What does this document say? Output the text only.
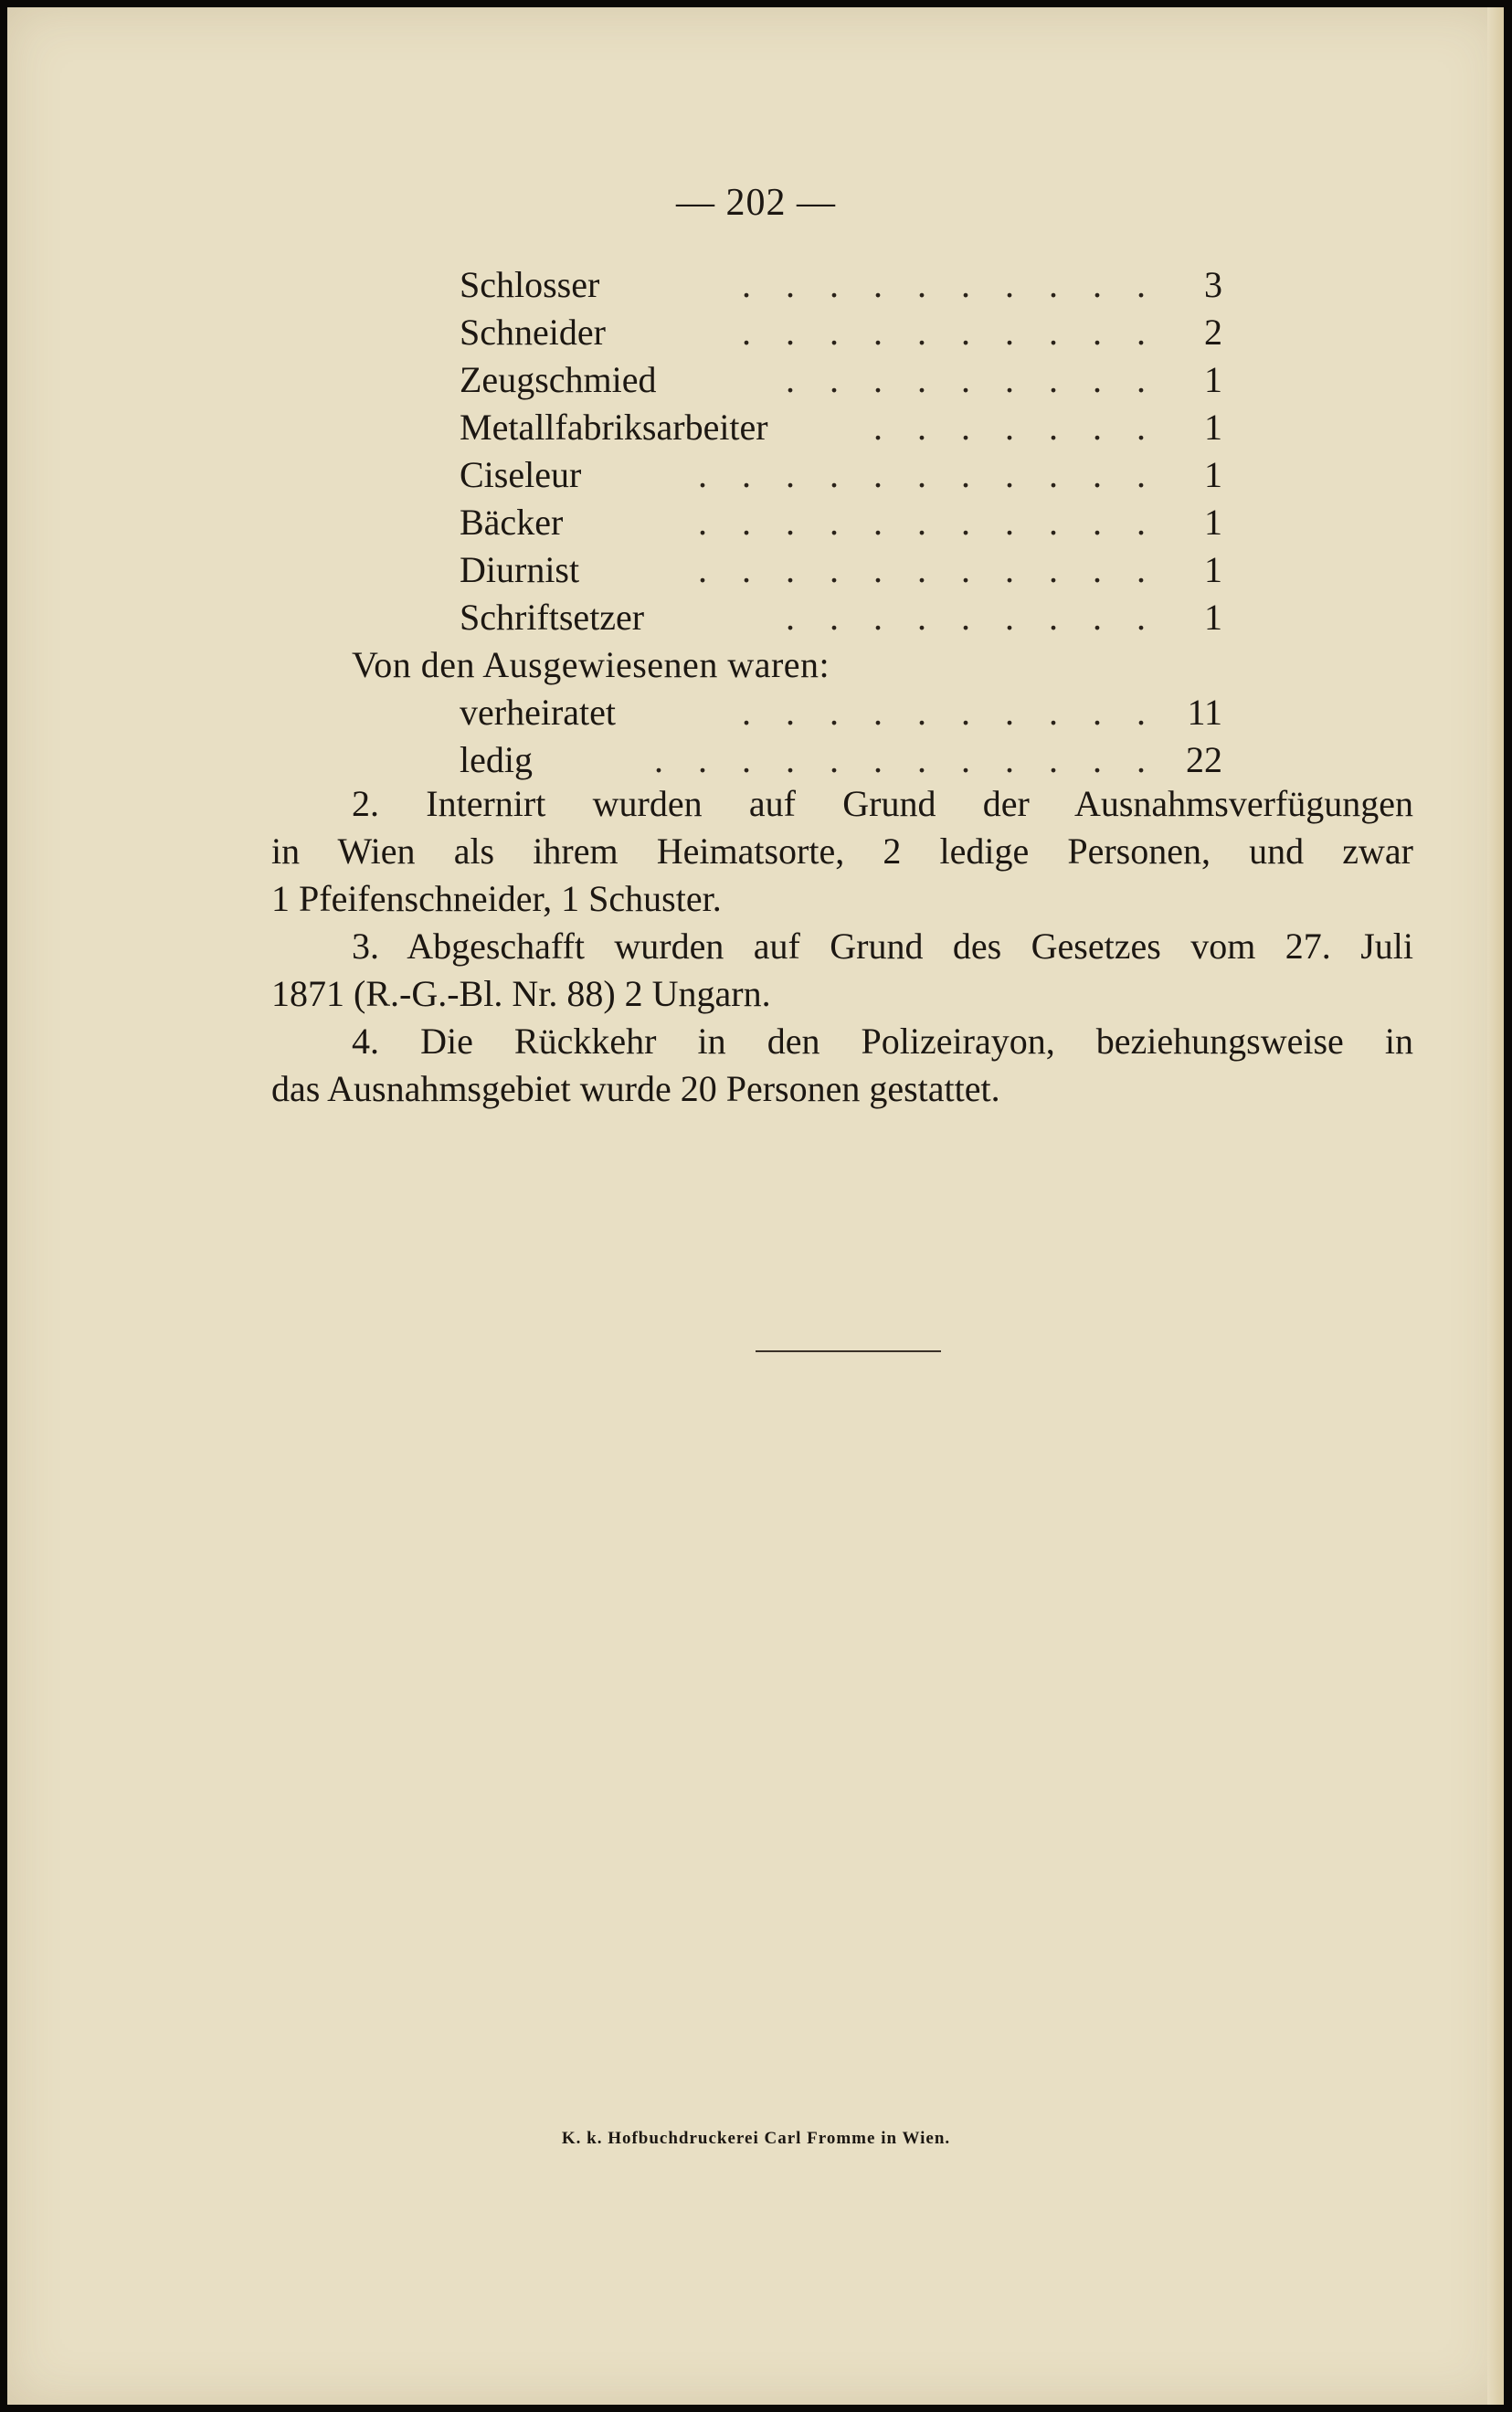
— 202 —
Schlosser	. . . . . . . . . .	3
Schneider	. . . . . . . . . .	2
Zeugschmied	. . . . . . . . .	1
Metallfabriksarbeiter	. . . . . . .	1
Ciseleur	. . . . . . . . . . .	1
Bäcker	. . . . . . . . . . .	1
Diurnist	. . . . . . . . . . .	1
Schriftsetzer	. . . . . . . . .	1
Von den Ausgewiesenen waren:
verheiratet	. . . . . . . . . . 11
ledig	. . . . . . . . . . . . 22
2. Internirt wurden auf Grund der Ausnahmsverfügungen
in Wien als ihrem Heimatsorte, 2 ledige Personen, und zwar
1 Pfeifenschneider, 1 Schuster.
3. Abgeschafft wurden auf Grund des Gesetzes vom 27. Juli
1871 (R.-G.-Bl. Nr. 88) 2 Ungarn.
4. Die Rückkehr in den Polizeirayon, beziehungsweise in
das Ausnahmsgebiet wurde 20 Personen gestattet.
K. k. Hofbuchdruckerei Carl Fromme in Wien.
